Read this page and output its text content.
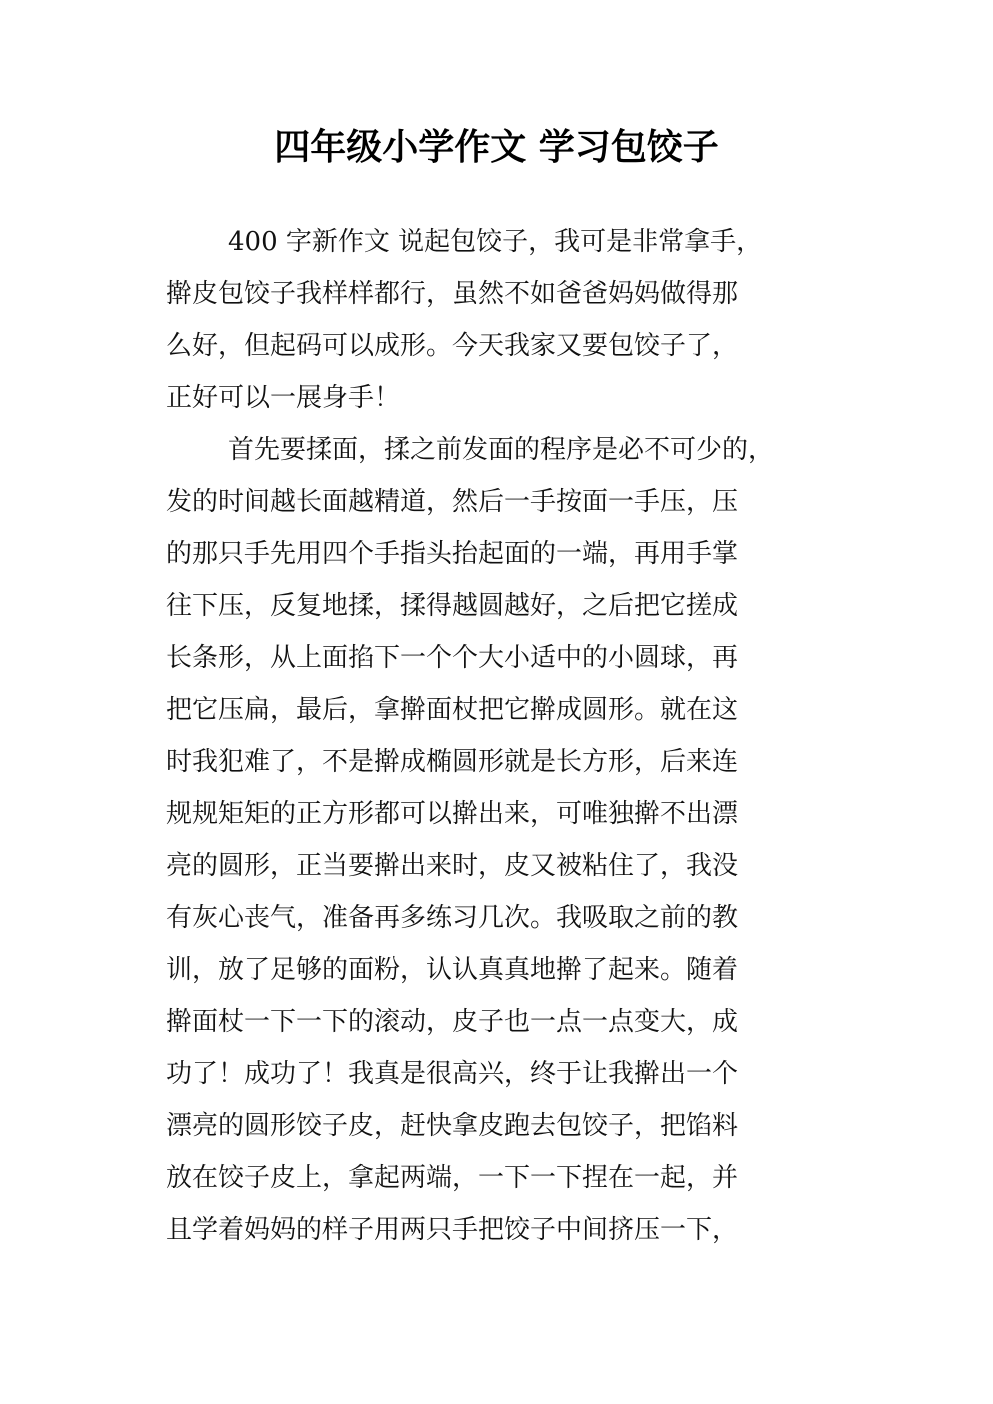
四年级小学作文 学习包饺子
400 字新作文 说起包饺子，我可是非常拿手，
擀皮包饺子我样样都行，虽然不如爸爸妈妈做得那
么好，但起码可以成形。今天我家又要包饺子了，
正好可以一展身手！
首先要揉面，揉之前发面的程序是必不可少的，
发的时间越长面越精道，然后一手按面一手压，压
的那只手先用四个手指头抬起面的一端，再用手掌
往下压，反复地揉，揉得越圆越好，之后把它搓成
长条形，从上面掐下一个个大小适中的小圆球，再
把它压扁，最后，拿擀面杖把它擀成圆形。就在这
时我犯难了，不是擀成椭圆形就是长方形，后来连
规规矩矩的正方形都可以擀出来，可唯独擀不出漂
亮的圆形，正当要擀出来时，皮又被粘住了，我没
有灰心丧气，准备再多练习几次。我吸取之前的教
训，放了足够的面粉，认认真真地擀了起来。随着
擀面杖一下一下的滚动，皮子也一点一点变大，成
功了！成功了！我真是很高兴，终于让我擀出一个
漂亮的圆形饺子皮，赶快拿皮跑去包饺子，把馅料
放在饺子皮上，拿起两端，一下一下捏在一起，并
且学着妈妈的样子用两只手把饺子中间挤压一下，
